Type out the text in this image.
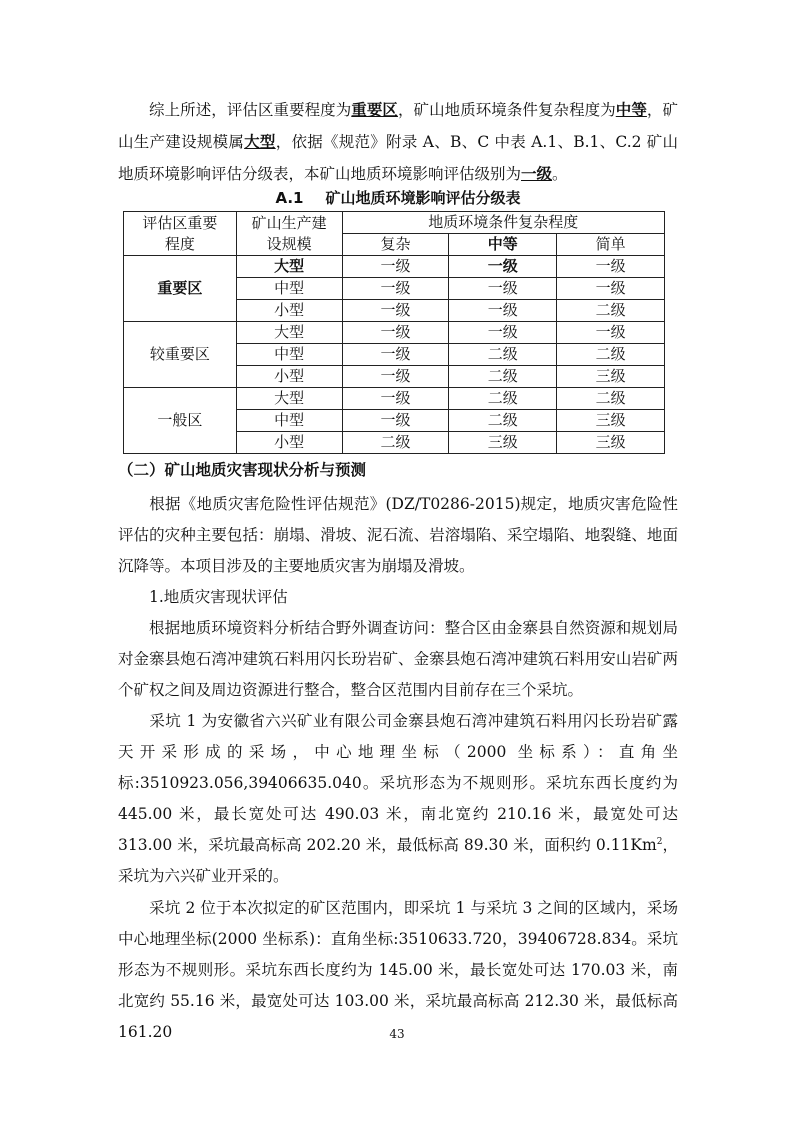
综上所述，评估区重要程度为重要区，矿山地质环境条件复杂程度为中等，矿山生产建设规模属大型，依据《规范》附录 A、B、C 中表 A.1、B.1、C.2 矿山地质环境影响评估分级表，本矿山地质环境影响评估级别为一级。

A.1 矿山地质环境影响评估分级表
评估区重要
程度	矿山生产建
设规模	地质环境条件复杂程度		
		复杂	中等	简单
重要区	大型	一级	一级	一级
	中型	一级	一级	一级
	小型	一级	一级	二级
较重要区	大型	一级	一级	一级
	中型	一级	二级	二级
	小型	一级	二级	三级
一般区	大型	一级	二级	二级
	中型	一级	二级	三级
	小型	二级	三级	三级
（二）矿山地质灾害现状分析与预测

根据《地质灾害危险性评估规范》(DZ/T0286-2015)规定，地质灾害危险性评估的灾种主要包括：崩塌、滑坡、泥石流、岩溶塌陷、采空塌陷、地裂缝、地面沉降等。本项目涉及的主要地质灾害为崩塌及滑坡。

1.地质灾害现状评估

根据地质环境资料分析结合野外调查访问：整合区由金寨县自然资源和规划局对金寨县炮石湾冲建筑石料用闪长玢岩矿、金寨县炮石湾冲建筑石料用安山岩矿两个矿权之间及周边资源进行整合，整合区范围内目前存在三个采坑。

采坑 1 为安徽省六兴矿业有限公司金寨县炮石湾冲建筑石料用闪长玢岩矿露天开采形成的采场，中心地理坐标（2000 坐标系）：直角坐标:3510923.056,39406635.040。采坑形态为不规则形。采坑东西长度约为445.00 米，最长宽处可达 490.03 米，南北宽约 210.16 米，最宽处可达 313.00 米，采坑最高标高 202.20 米，最低标高 89.30 米，面积约 0.11Km$^2$，采坑为六兴矿业开采的。

采坑 2 位于本次拟定的矿区范围内，即采坑 1 与采坑 3 之间的区域内，采场中心地理坐标(2000 坐标系)：直角坐标:3510633.720，39406728.834。采坑形态为不规则形。采坑东西长度约为 145.00 米，最长宽处可达 170.03 米，南北宽约 55.16 米，最宽处可达 103.00 米，采坑最高标高 212.30 米，最低标高 161.20	43
